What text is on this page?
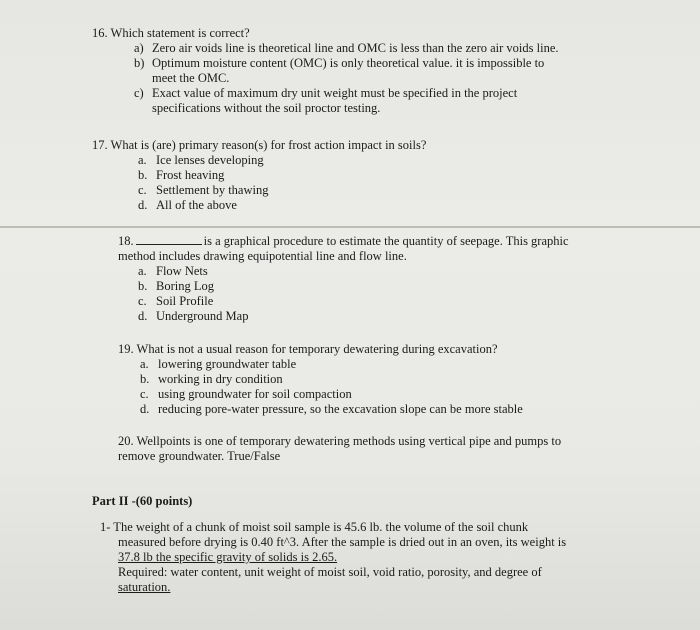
16. Which statement is correct?
a) Zero air voids line is theoretical line and OMC is less than the zero air voids line.
b) Optimum moisture content (OMC) is only theoretical value. it is impossible to
meet the OMC.
c) Exact value of maximum dry unit weight must be specified in the project
specifications without the soil proctor testing.
17. What is (are) primary reason(s) for frost action impact in soils?
a. Ice lenses developing
b. Frost heaving
c. Settlement by thawing
d. All of the above
18.	is a graphical procedure to estimate the quantity of seepage. This graphic
method includes drawing equipotential line and flow line.
a. Flow Nets
b. Boring Log
c. Soil Profile
d. Underground Map
19. What is not a usual reason for temporary dewatering during excavation?
a. lowering groundwater table
b. working in dry condition
c. using groundwater for soil compaction
d. reducing pore-water pressure, so the excavation slope can be more stable
20. Wellpoints is one of temporary dewatering methods using vertical pipe and pumps to
remove groundwater. True/False
Part II -(60 points)
1- The weight of a chunk of moist soil sample is 45.6 lb. the volume of the soil chunk
measured before drying is 0.40 ft^3. After the sample is dried out in an oven, its weight is
37.8 lb the specific gravity of solids is 2.65.
Required: water content, unit weight of moist soil, void ratio, porosity, and degree of
saturation.
